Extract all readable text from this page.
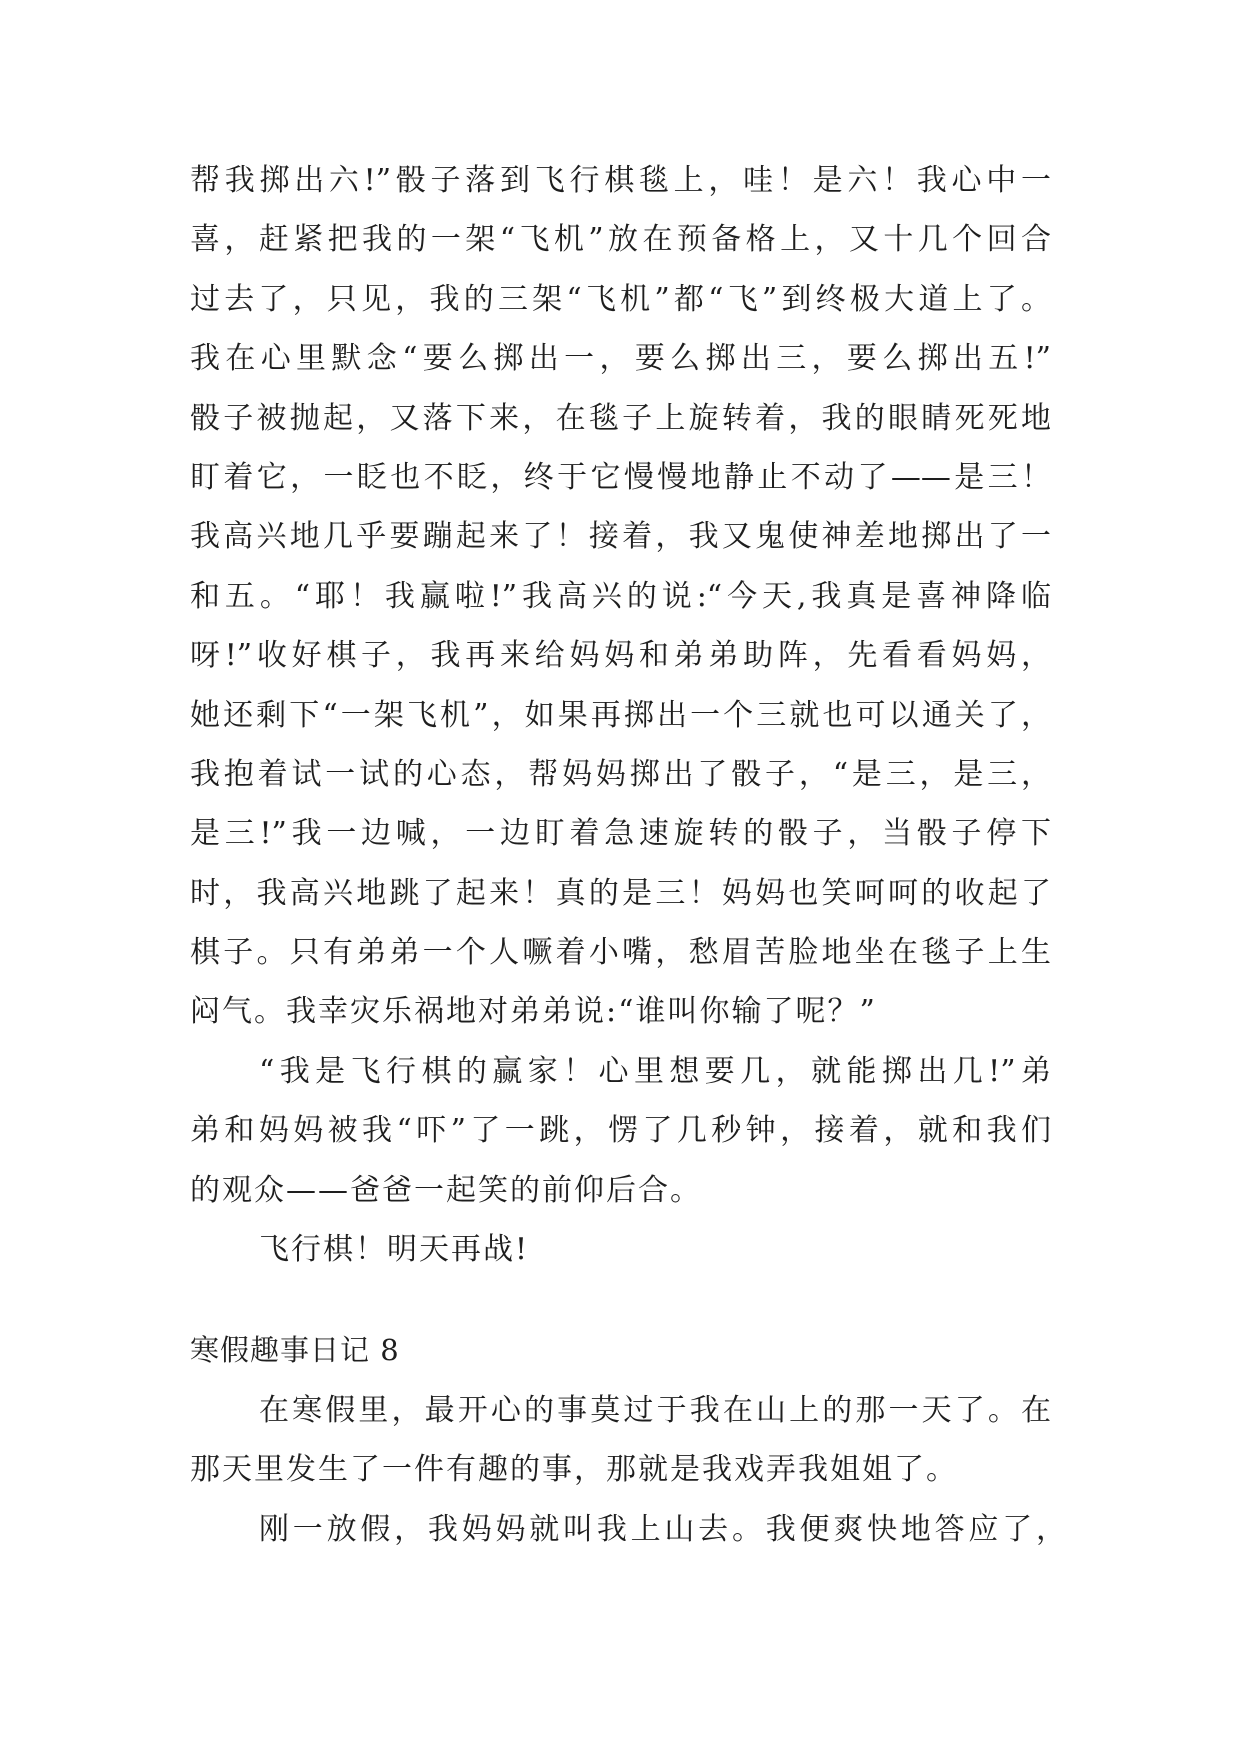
帮我掷出六!”骰子落到飞行棋毯上，哇！是六！我心中一
喜，赶紧把我的一架“飞机”放在预备格上，又十几个回合
过去了，只见，我的三架“飞机”都“飞”到终极大道上了。
我在心里默念“要么掷出一，要么掷出三，要么掷出五!”
骰子被抛起，又落下来，在毯子上旋转着，我的眼睛死死地
盯着它，一眨也不眨，终于它慢慢地静止不动了——是三！
我高兴地几乎要蹦起来了！接着，我又鬼使神差地掷出了一
和五。“耶！我赢啦!”我高兴的说:“今天,我真是喜神降临
呀!”收好棋子，我再来给妈妈和弟弟助阵，先看看妈妈，
她还剩下“一架飞机”，如果再掷出一个三就也可以通关了，
我抱着试一试的心态，帮妈妈掷出了骰子，“是三，是三，
是三!”我一边喊，一边盯着急速旋转的骰子，当骰子停下
时，我高兴地跳了起来！真的是三！妈妈也笑呵呵的收起了
棋子。只有弟弟一个人噘着小嘴，愁眉苦脸地坐在毯子上生
闷气。我幸灾乐祸地对弟弟说:“谁叫你输了呢？”
“我是飞行棋的赢家！心里想要几，就能掷出几!”弟
弟和妈妈被我“吓”了一跳，愣了几秒钟，接着，就和我们
的观众——爸爸一起笑的前仰后合。
飞行棋！明天再战!
寒假趣事日记 8
在寒假里，最开心的事莫过于我在山上的那一天了。在
那天里发生了一件有趣的事，那就是我戏弄我姐姐了。
刚一放假，我妈妈就叫我上山去。我便爽快地答应了，
